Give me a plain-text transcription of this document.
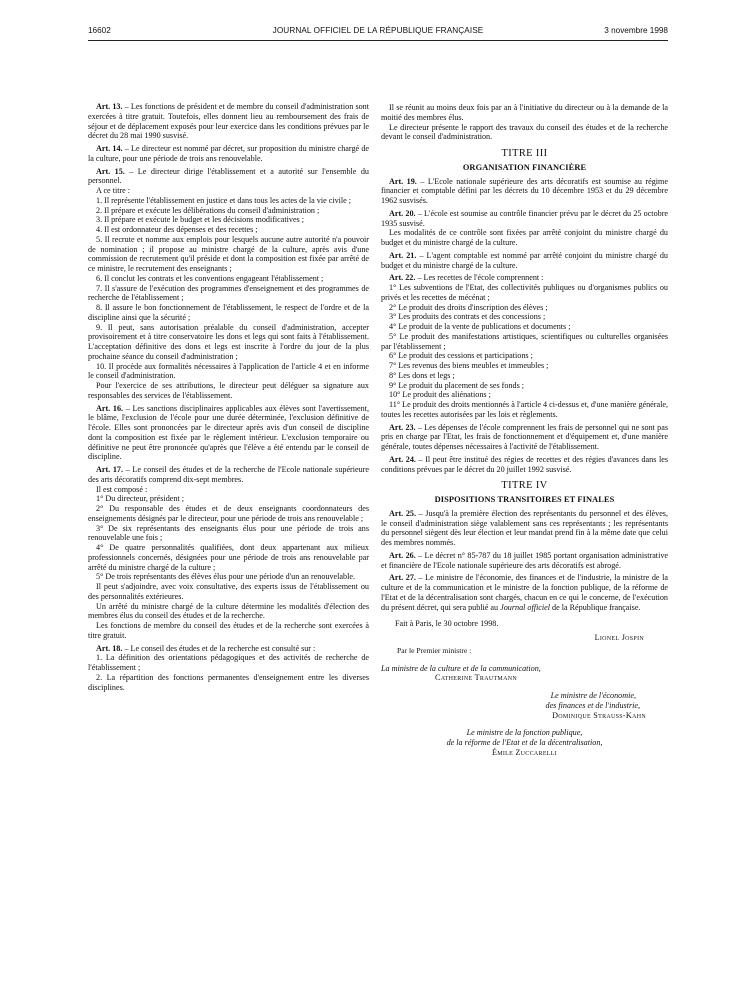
16602	JOURNAL OFFICIEL DE LA RÉPUBLIQUE FRANÇAISE	3 novembre 1998

Art. 13. – Les fonctions de président et de membre du conseil d'administration sont exercées à titre gratuit. Toutefois, elles donnent lieu au remboursement des frais de séjour et de déplacement exposés pour leur exercice dans les conditions prévues par le décret du 28 mai 1990 susvisé.

Art. 14. – Le directeur est nommé par décret, sur proposition du ministre chargé de la culture, pour une période de trois ans renouvelable.

Art. 15. – Le directeur dirige l'établissement et a autorité sur l'ensemble du personnel.

A ce titre :

1. Il représente l'établissement en justice et dans tous les actes de la vie civile ;

2. Il prépare et exécute les délibérations du conseil d'administration ;

3. Il prépare et exécute le budget et les décisions modificatives ;

4. Il est ordonnateur des dépenses et des recettes ;

5. Il recrute et nomme aux emplois pour lesquels aucune autre autorité n'a pouvoir de nomination ; il propose au ministre chargé de la culture, après avis d'une commission de recrutement qu'il préside et dont la composition est fixée par arrêté de ce ministre, le recrutement des enseignants ;

6. Il conclut les contrats et les conventions engageant l'établissement ;

7. Il s'assure de l'exécution des programmes d'enseignement et des programmes de recherche de l'établissement ;

8. Il assure le bon fonctionnement de l'établissement, le respect de l'ordre et de la discipline ainsi que la sécurité ;

9. Il peut, sans autorisation préalable du conseil d'administration, accepter provisoirement et à titre conservatoire les dons et legs qui sont faits à l'établissement. L'acceptation définitive des dons et legs est inscrite à l'ordre du jour de la plus prochaine séance du conseil d'administration ;

10. Il procède aux formalités nécessaires à l'application de l'article 4 et en informe le conseil d'administration.

Pour l'exercice de ses attributions, le directeur peut déléguer sa signature aux responsables des services de l'établissement.

Art. 16. – Les sanctions disciplinaires applicables aux élèves sont l'avertissement, le blâme, l'exclusion de l'école pour une durée déterminée, l'exclusion définitive de l'école. Elles sont prononcées par le directeur après avis d'un conseil de discipline dont la composition est fixée par le règlement intérieur. L'exclusion temporaire ou définitive ne peut être prononcée qu'après que l'élève a été entendu par le conseil de discipline.

Art. 17. – Le conseil des études et de la recherche de l'Ecole nationale supérieure des arts décoratifs comprend dix-sept membres.

Il est composé :

1° Du directeur, président ;

2° Du responsable des études et de deux enseignants coordonnateurs des enseignements désignés par le directeur, pour une période de trois ans renouvelable ;

3° De six représentants des enseignants élus pour une période de trois ans renouvelable une fois ;

4° De quatre personnalités qualifiées, dont deux appartenant aux milieux professionnels concernés, désignées pour une période de trois ans renouvelable par arrêté du ministre chargé de la culture ;

5° De trois représentants des élèves élus pour une période d'un an renouvelable.

Il peut s'adjoindre, avec voix consultative, des experts issus de l'établissement ou des personnalités extérieures.

Un arrêté du ministre chargé de la culture détermine les modalités d'élection des membres élus du conseil des études et de la recherche.

Les fonctions de membre du conseil des études et de la recherche sont exercées à titre gratuit.

Art. 18. – Le conseil des études et de la recherche est consulté sur :

1. La définition des orientations pédagogiques et des activités de recherche de l'établissement ;

2. La répartition des fonctions permanentes d'enseignement entre les diverses disciplines.

Il se réunit au moins deux fois par an à l'initiative du directeur ou à la demande de la moitié des membres élus.

Le directeur présente le rapport des travaux du conseil des études et de la recherche devant le conseil d'administration.

TITRE III

ORGANISATION FINANCIÈRE

Art. 19. – L'Ecole nationale supérieure des arts décoratifs est soumise au régime financier et comptable défini par les décrets du 10 décembre 1953 et du 29 décembre 1962 susvisés.

Art. 20. – L'école est soumise au contrôle financier prévu par le décret du 25 octobre 1935 susvisé.

Les modalités de ce contrôle sont fixées par arrêté conjoint du ministre chargé du budget et du ministre chargé de la culture.

Art. 21. – L'agent comptable est nommé par arrêté conjoint du ministre chargé du budget et du ministre chargé de la culture.

Art. 22. – Les recettes de l'école comprennent :

1° Les subventions de l'Etat, des collectivités publiques ou d'organismes publics ou privés et les recettes de mécénat ;

2° Le produit des droits d'inscription des élèves ;

3° Les produits des contrats et des concessions ;

4° Le produit de la vente de publications et documents ;

5° Le produit des manifestations artistiques, scientifiques ou culturelles organisées par l'établissement ;

6° Le produit des cessions et participations ;

7° Les revenus des biens meubles et immeubles ;

8° Les dons et legs ;

9° Le produit du placement de ses fonds ;

10° Le produit des aliénations ;

11° Le produit des droits mentionnés à l'article 4 ci-dessus et, d'une manière générale, toutes les recettes autorisées par les lois et règlements.

Art. 23. – Les dépenses de l'école comprennent les frais de personnel qui ne sont pas pris en charge par l'Etat, les frais de fonctionnement et d'équipement et, d'une manière générale, toutes dépenses nécessaires à l'activité de l'établissement.

Art. 24. – Il peut être institué des régies de recettes et des régies d'avances dans les conditions prévues par le décret du 20 juillet 1992 susvisé.

TITRE IV

DISPOSITIONS TRANSITOIRES ET FINALES

Art. 25. – Jusqu'à la première élection des représentants du personnel et des élèves, le conseil d'administration siège valablement sans ces représentants ; les représentants du personnel siègent dès leur élection et leur mandat prend fin à la même date que celui des membres nommés.

Art. 26. – Le décret n° 85-787 du 18 juillet 1985 portant organisation administrative et financière de l'Ecole nationale supérieure des arts décoratifs est abrogé.

Art. 27. – Le ministre de l'économie, des finances et de l'industrie, la ministre de la culture et de la communication et le ministre de la fonction publique, de la réforme de l'Etat et de la décentralisation sont chargés, chacun en ce qui le concerne, de l'exécution du présent décret, qui sera publié au Journal officiel de la République française.

Fait à Paris, le 30 octobre 1998.

Lionel Jospin

Par le Premier ministre :

La ministre de la culture et de la communication,

Catherine Trautmann

Le ministre de l'économie,

des finances et de l'industrie,

Dominique Strauss-Kahn

Le ministre de la fonction publique,

de la réforme de l'Etat et de la décentralisation,

Émile Zuccarelli
